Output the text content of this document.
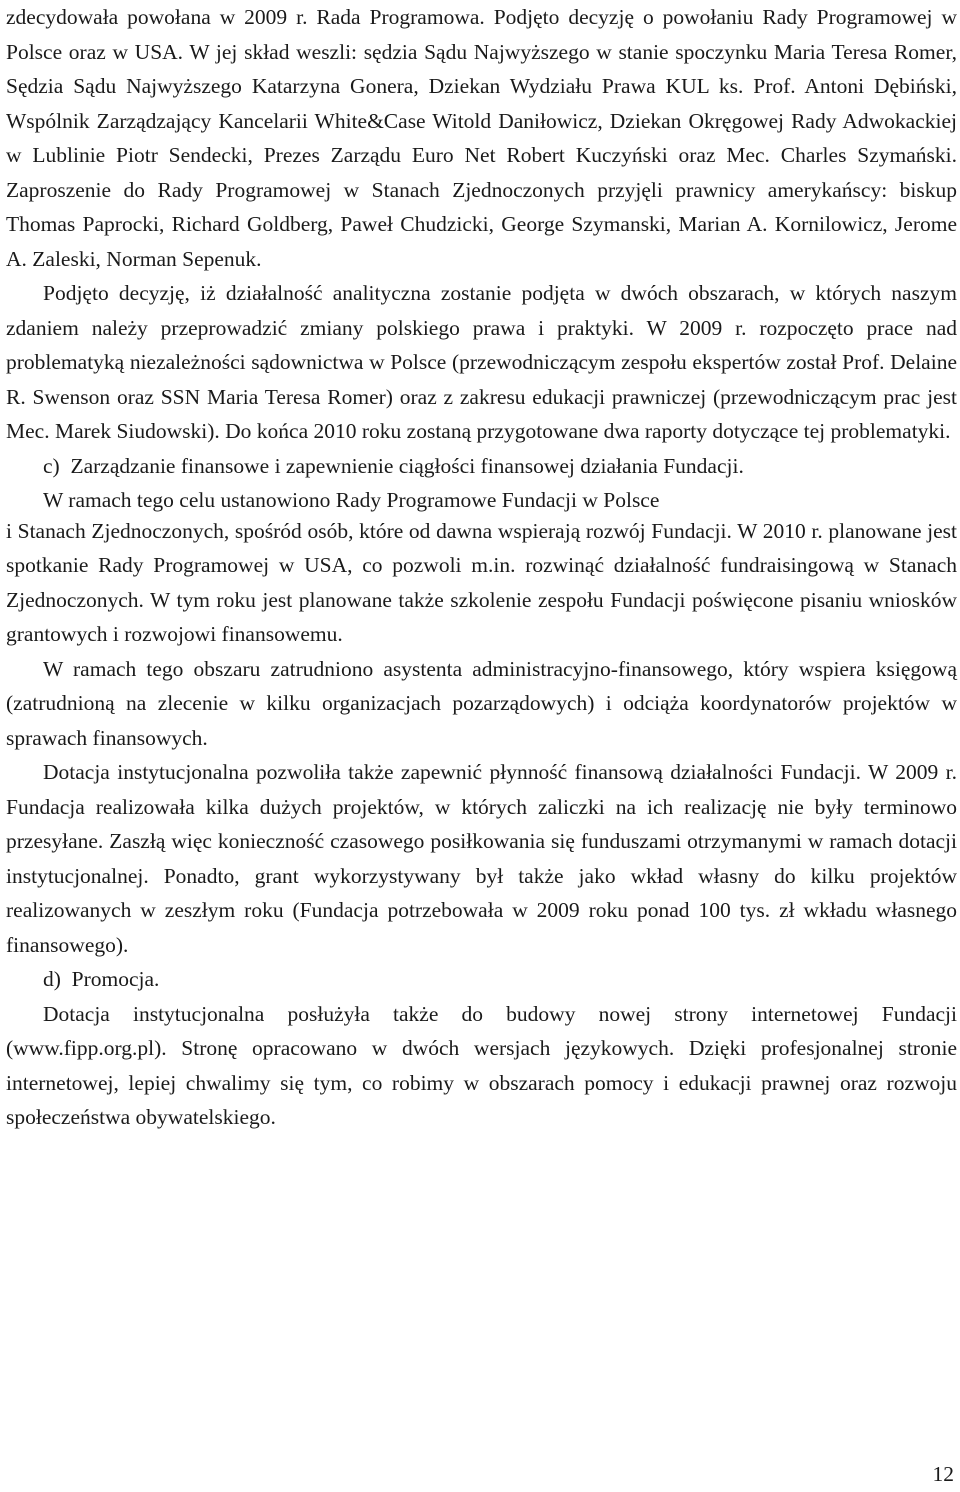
zdecydowała powołana w 2009 r. Rada Programowa. Podjęto decyzję o powołaniu Rady Programowej w Polsce oraz w USA. W jej skład weszli: sędzia Sądu Najwyższego w stanie spoczynku Maria Teresa Romer, Sędzia Sądu Najwyższego Katarzyna Gonera, Dziekan Wydziału Prawa KUL ks. Prof. Antoni Dębiński, Wspólnik Zarządzający Kancelarii White&Case Witold Daniłowicz, Dziekan Okręgowej Rady Adwokackiej w Lublinie Piotr Sendecki, Prezes Zarządu Euro Net Robert Kuczyński oraz Mec. Charles Szymański. Zaproszenie do Rady Programowej w Stanach Zjednoczonych przyjęli prawnicy amerykańscy: biskup Thomas Paprocki, Richard Goldberg, Paweł Chudzicki, George Szymanski, Marian A. Kornilowicz, Jerome A. Zaleski, Norman Sepenuk.

Podjęto decyzję, iż działalność analityczna zostanie podjęta w dwóch obszarach, w których naszym zdaniem należy przeprowadzić zmiany polskiego prawa i praktyki. W 2009 r. rozpoczęto prace nad problematyką niezależności sądownictwa w Polsce (przewodniczącym zespołu ekspertów został Prof. Delaine R. Swenson oraz SSN Maria Teresa Romer) oraz z zakresu edukacji prawniczej (przewodniczącym prac jest Mec. Marek Siudowski). Do końca 2010 roku zostaną przygotowane dwa raporty dotyczące tej problematyki.

c)  Zarządzanie finansowe i zapewnienie ciągłości finansowej działania Fundacji.

W ramach tego celu ustanowiono Rady Programowe Fundacji w Polsce

i Stanach Zjednoczonych, spośród osób, które od dawna wspierają rozwój Fundacji. W 2010 r. planowane jest spotkanie Rady Programowej w USA, co pozwoli m.in. rozwinąć działalność fundraisingową w Stanach Zjednoczonych. W tym roku jest planowane także szkolenie zespołu Fundacji poświęcone pisaniu wniosków grantowych i rozwojowi finansowemu.

W ramach tego obszaru zatrudniono asystenta administracyjno-finansowego, który wspiera księgową (zatrudnioną na zlecenie w kilku organizacjach pozarządowych) i odciąża koordynatorów projektów w sprawach finansowych.

Dotacja instytucjonalna pozwoliła także zapewnić płynność finansową działalności Fundacji. W 2009 r. Fundacja realizowała kilka dużych projektów, w których zaliczki na ich realizację nie były terminowo przesyłane. Zaszłą więc konieczność czasowego posiłkowania się funduszami otrzymanymi w ramach dotacji instytucjonalnej. Ponadto, grant wykorzystywany był także jako wkład własny do kilku projektów realizowanych w zeszłym roku (Fundacja potrzebowała w 2009 roku ponad 100 tys. zł wkładu własnego finansowego).

d)  Promocja.

Dotacja instytucjonalna posłużyła także do budowy nowej strony internetowej Fundacji (www.fipp.org.pl). Stronę opracowano w dwóch wersjach językowych. Dzięki profesjonalnej stronie internetowej, lepiej chwalimy się tym, co robimy w obszarach pomocy i edukacji prawnej oraz rozwoju społeczeństwa obywatelskiego.

12
